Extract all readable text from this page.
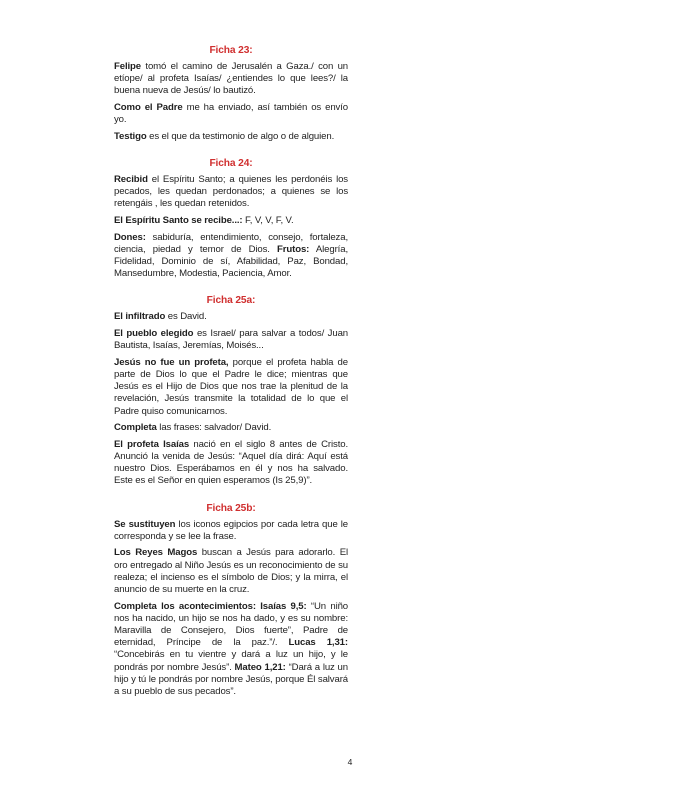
Ficha 23:

Felipe tomó el camino de Jerusalén a Gaza./ con un etíope/ al profeta Isaías/ ¿entiendes lo que lees?/ la buena nueva de Jesús/ lo bautizó.

Como el Padre me ha enviado, así también os envío yo.

Testigo es el que da testimonio de algo o de alguien.

Ficha 24:

Recibid el Espíritu Santo; a quienes les perdonéis los pecados, les quedan perdonados; a quienes se los retengáis , les quedan retenidos.

El Espíritu Santo se recibe...: F, V, V, F, V.

Dones: sabiduría, entendimiento, consejo, fortaleza, ciencia, piedad y temor de Dios. Frutos: Alegría, Fidelidad, Dominio de sí, Afabilidad, Paz, Bondad, Mansedumbre, Modestia, Paciencia, Amor.

Ficha 25a:

El infiltrado es David.

El pueblo elegido es Israel/ para salvar a todos/ Juan Bautista, Isaías, Jeremías, Moisés...

Jesús no fue un profeta, porque el profeta habla de parte de Dios lo que el Padre le dice; mientras que Jesús es el Hijo de Dios que nos trae la plenitud de la revelación, Jesús transmite la totalidad de lo que el Padre quiso comunicarnos.

Completa las frases: salvador/ David.

El profeta Isaías nació en el siglo 8 antes de Cristo. Anunció la venida de Jesús: “Aquel día dirá: Aquí está nuestro Dios. Esperábamos en él y nos ha salvado. Este es el Señor en quien esperamos (Is 25,9)”.

Ficha 25b:

Se sustituyen los iconos egipcios por cada letra que le corresponda y se lee la frase.

Los Reyes Magos buscan a Jesús para adorarlo. El oro entregado al Niño Jesús es un reconocimiento de su realeza; el incienso es el símbolo de Dios; y la mirra, el anuncio de su muerte en la cruz.

Completa los acontecimientos: Isaías 9,5: “Un niño nos ha nacido, un hijo se nos ha dado, y es su nombre: Maravilla de Consejero, Dios fuerte”, Padre de eternidad, Príncipe de la paz.”/. Lucas 1,31: “Concebirás en tu vientre y dará a luz un hijo, y le pondrás por nombre Jesús”. Mateo 1,21: “Dará a luz un hijo y tú le pondrás por nombre Jesús, porque Él salvará a su pueblo de sus pecados”.

4
